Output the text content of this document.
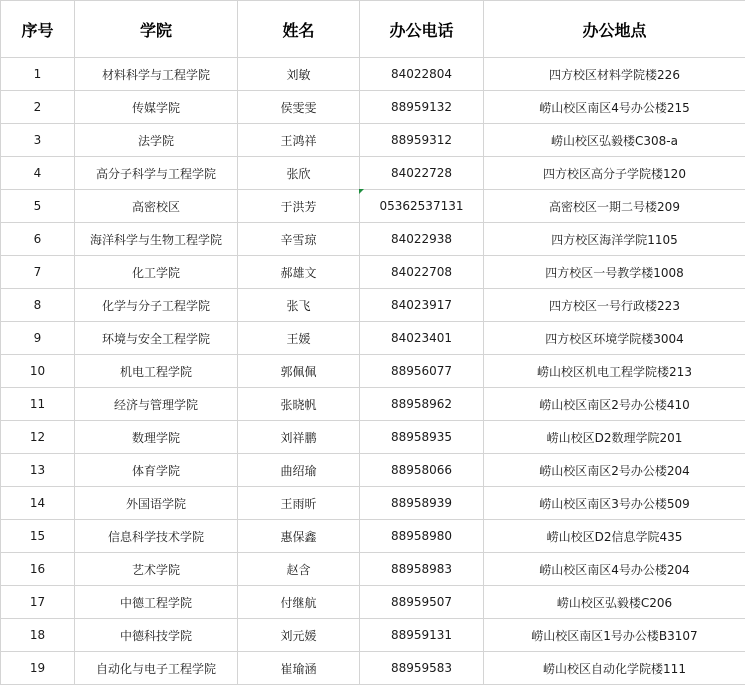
序号	学院	姓名	办公电话	办公地点
1	材料科学与工程学院	刘敏	84022804	四方校区材料学院楼226
2	传媒学院	侯雯雯	88959132	崂山校区南区4号办公楼215
3	法学院	王鸿祥	88959312	崂山校区弘毅楼C308-a
4	高分子科学与工程学院	张欣	84022728	四方校区高分子学院楼120
5	高密校区	于洪芳	05362537131	高密校区一期二号楼209
6	海洋科学与生物工程学院	辛雪琼	84022938	四方校区海洋学院1105
7	化工学院	郝雄文	84022708	四方校区一号教学楼1008
8	化学与分子工程学院	张飞	84023917	四方校区一号行政楼223
9	环境与安全工程学院	王媛	84023401	四方校区环境学院楼3004
10	机电工程学院	郭佩佩	88956077	崂山校区机电工程学院楼213
11	经济与管理学院	张晓帆	88958962	崂山校区南区2号办公楼410
12	数理学院	刘祥鹏	88958935	崂山校区D2数理学院201
13	体育学院	曲绍瑜	88958066	崂山校区南区2号办公楼204
14	外国语学院	王雨昕	88958939	崂山校区南区3号办公楼509
15	信息科学技术学院	惠保鑫	88958980	崂山校区D2信息学院435
16	艺术学院	赵含	88958983	崂山校区南区4号办公楼204
17	中德工程学院	付继航	88959507	崂山校区弘毅楼C206
18	中德科技学院	刘元媛	88959131	崂山校区南区1号办公楼B3107
19	自动化与电子工程学院	崔瑜涵	88959583	崂山校区自动化学院楼111
